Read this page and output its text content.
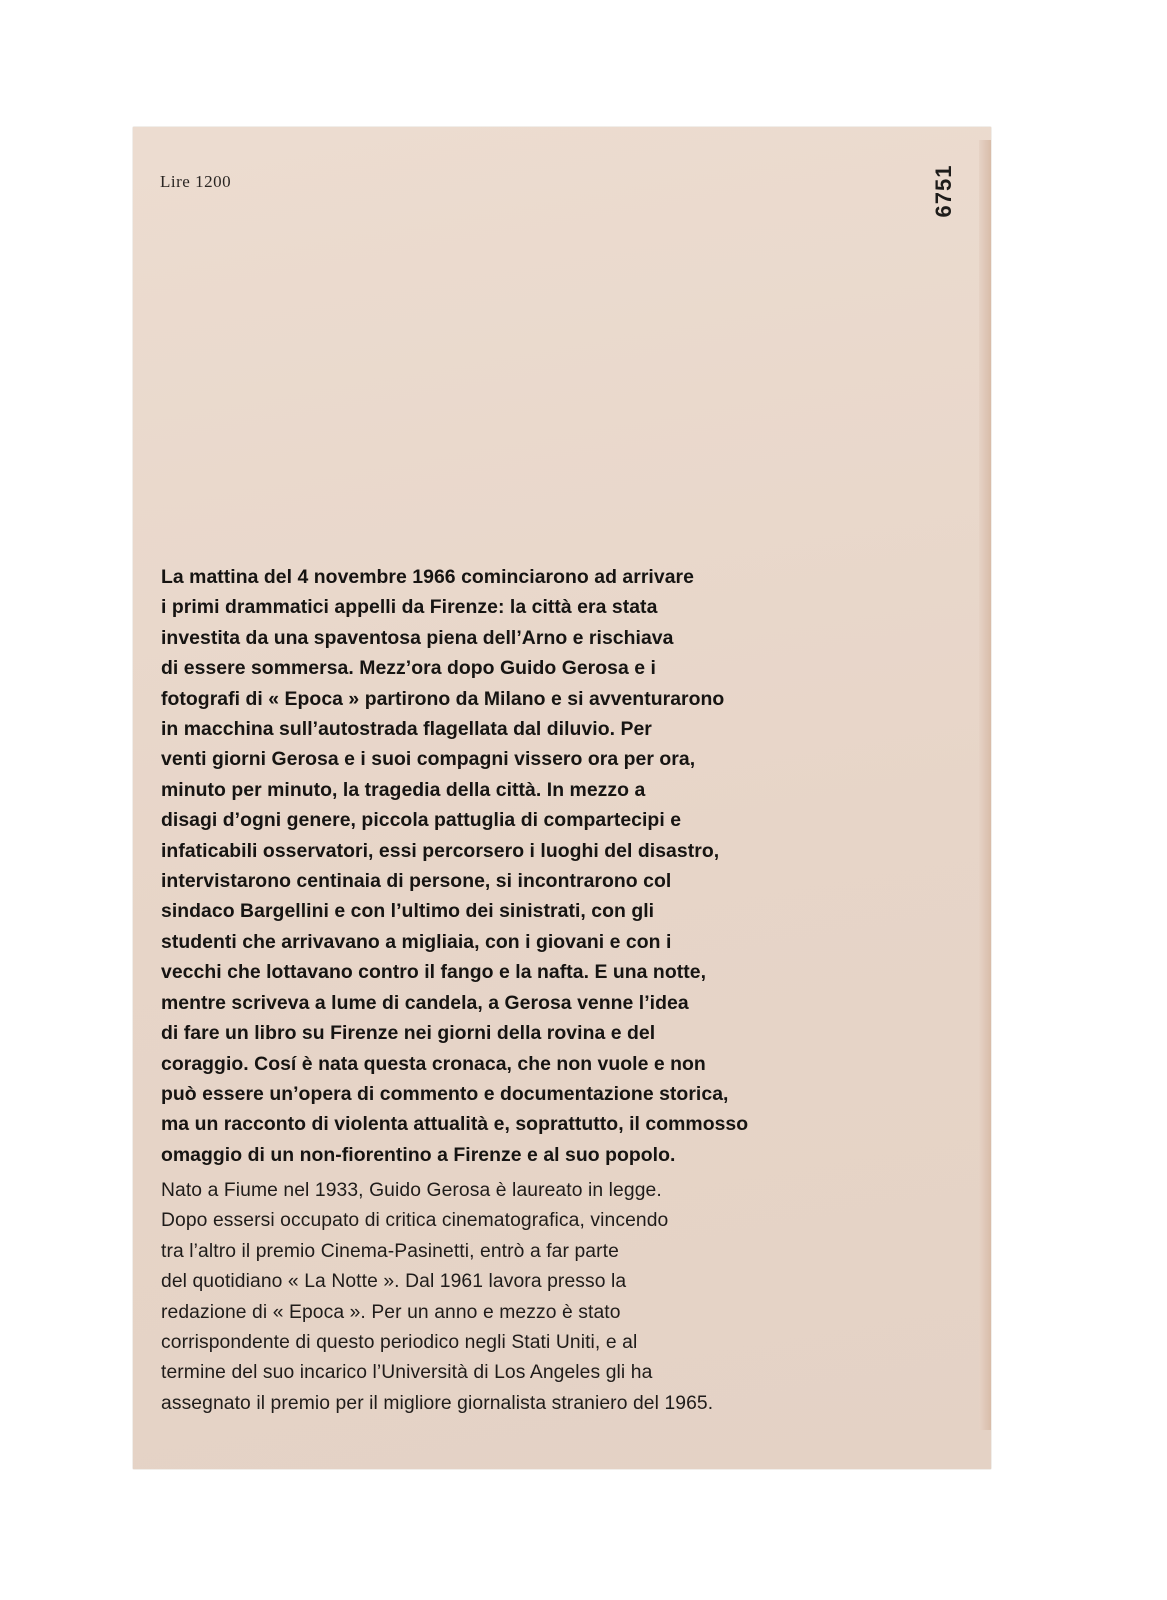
Lire 1200	6751

La mattina del 4 novembre 1966 cominciarono ad arrivare
i primi drammatici appelli da Firenze: la città era stata
investita da una spaventosa piena dell’Arno e rischiava
di essere sommersa. Mezz’ora dopo Guido Gerosa e i
fotografi di « Epoca » partirono da Milano e si avventurarono
in macchina sull’autostrada flagellata dal diluvio. Per
venti giorni Gerosa e i suoi compagni vissero ora per ora,
minuto per minuto, la tragedia della città. In mezzo a
disagi d’ogni genere, piccola pattuglia di compartecipi e
infaticabili osservatori, essi percorsero i luoghi del disastro,
intervistarono centinaia di persone, si incontrarono col
sindaco Bargellini e con l’ultimo dei sinistrati, con gli
studenti che arrivavano a migliaia, con i giovani e con i
vecchi che lottavano contro il fango e la nafta. E una notte,
mentre scriveva a lume di candela, a Gerosa venne l’idea
di fare un libro su Firenze nei giorni della rovina e del
coraggio. Cosí è nata questa cronaca, che non vuole e non
può essere un’opera di commento e documentazione storica,
ma un racconto di violenta attualità e, soprattutto, il commosso
omaggio di un non-fiorentino a Firenze e al suo popolo.

Nato a Fiume nel 1933, Guido Gerosa è laureato in legge.
Dopo essersi occupato di critica cinematografica, vincendo
tra l’altro il premio Cinema-Pasinetti, entrò a far parte
del quotidiano « La Notte ». Dal 1961 lavora presso la
redazione di « Epoca ». Per un anno e mezzo è stato
corrispondente di questo periodico negli Stati Uniti, e al
termine del suo incarico l’Università di Los Angeles gli ha
assegnato il premio per il migliore giornalista straniero del 1965.
